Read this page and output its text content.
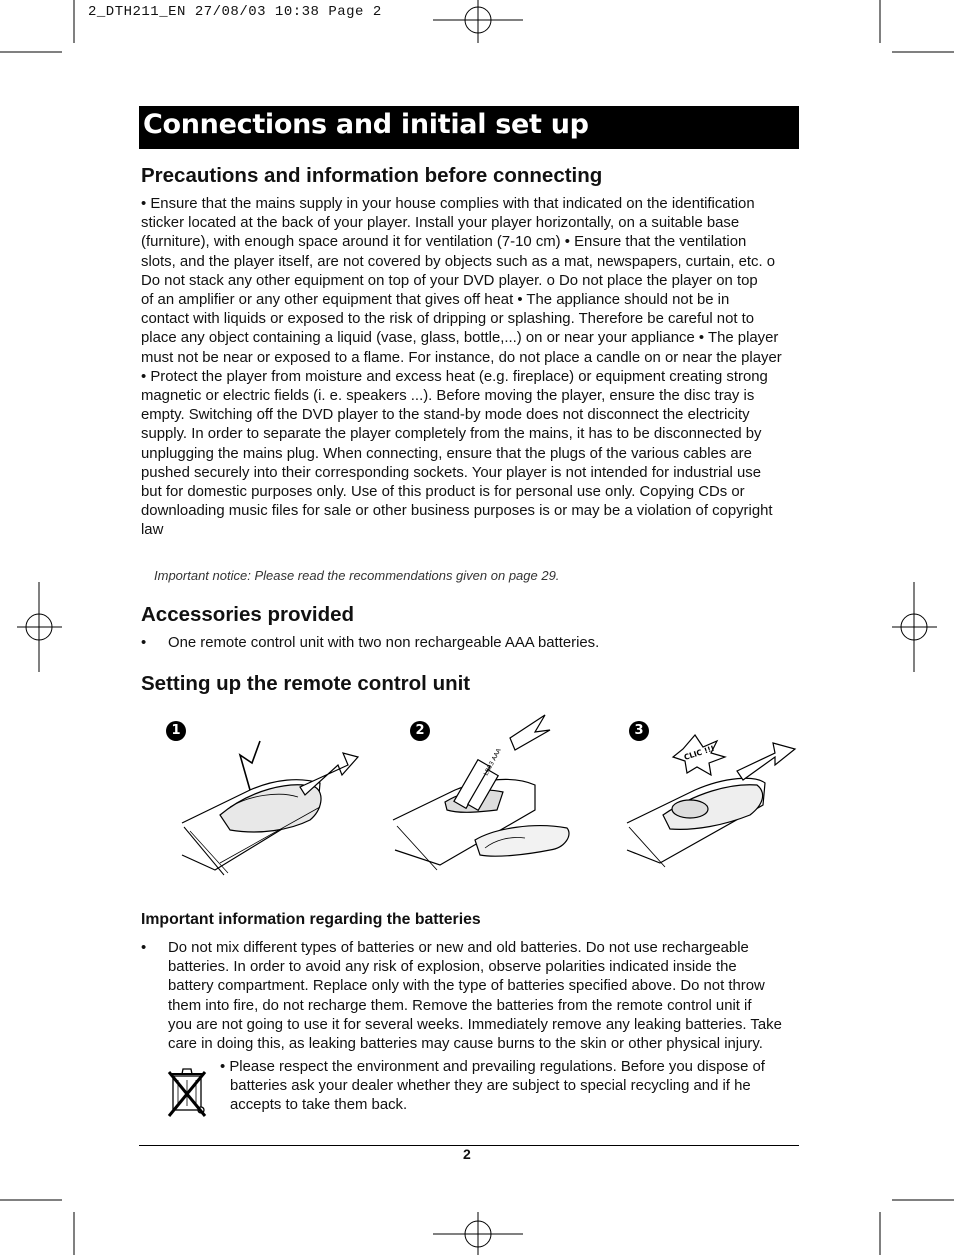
2_DTH211_EN 27/08/03 10:38 Page 2
Connections and initial set up
Precautions and information before connecting
• Ensure that the mains supply in your house complies with that indicated on the identification
sticker located at the back of your player. Install your player horizontally, on a suitable base
(furniture), with enough space around it for ventilation (7-10 cm) • Ensure that the ventilation
slots, and the player itself, are not covered by objects such as a mat, newspapers, curtain, etc. o
Do not stack any other equipment on top of your DVD player. o Do not place the player on top
of an amplifier or any other equipment that gives off heat • The appliance should not be in
contact with liquids or exposed to the risk of dripping or splashing. Therefore be careful not to
place any object containing a liquid (vase, glass, bottle,...) on or near your appliance • The player
must not be near or exposed to a flame. For instance, do not place a candle on or near the player
• Protect the player from moisture and excess heat (e.g. fireplace) or equipment creating strong
magnetic or electric fields (i. e. speakers ...). Before moving the player, ensure the disc tray is
empty. Switching off the DVD player to the stand-by mode does not disconnect the electricity
supply. In order to separate the player completely from the mains, it has to be disconnected by
unplugging the mains plug. When connecting, ensure that the plugs of the various cables are
pushed securely into their corresponding sockets. Your player is not intended for industrial use
but for domestic purposes only. Use of this product is for personal use only. Copying CDs or
downloading music files for sale or other business purposes is or may be a violation of copyright
law
Important notice: Please read the recommendations given on page 29.
Accessories provided
• One remote control unit with two non rechargeable AAA batteries.
Setting up the remote control unit
1	2	3
LR03 AAA	CLIC !!!
Important information regarding the batteries
• Do not mix different types of batteries or new and old batteries. Do not use rechargeable
batteries. In order to avoid any risk of explosion, observe polarities indicated inside the
battery compartment. Replace only with the type of batteries specified above. Do not throw
them into fire, do not recharge them. Remove the batteries from the remote control unit if
you are not going to use it for several weeks. Immediately remove any leaking batteries. Take
care in doing this, as leaking batteries may cause burns to the skin or other physical injury.
• Please respect the environment and prevailing regulations. Before you dispose of
batteries ask your dealer whether they are subject to special recycling and if he
accepts to take them back.
2
